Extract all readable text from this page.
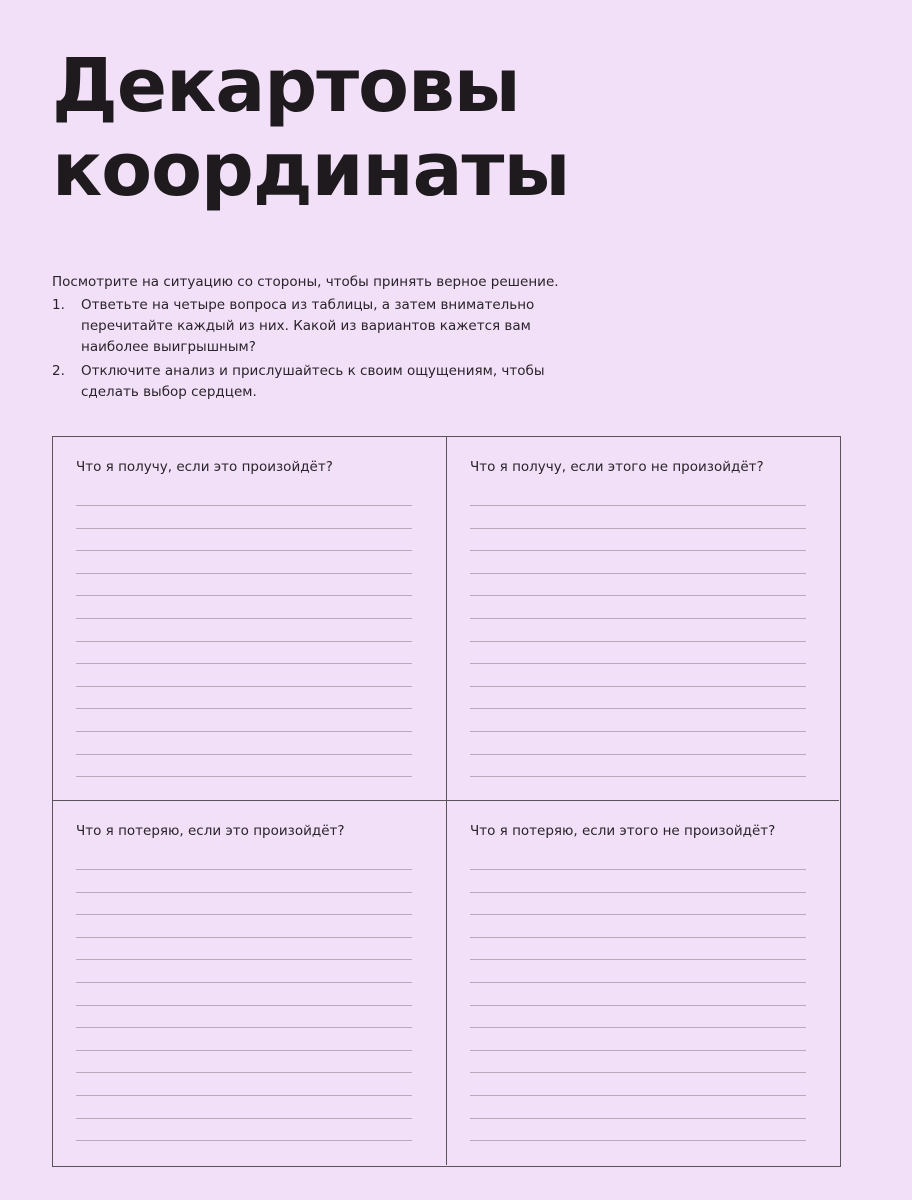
Декартовы
координаты

Посмотрите на ситуацию со стороны, чтобы принять верное решение.

1. Ответьте на четыре вопроса из таблицы, а затем внимательно перечитайте каждый из них. Какой из вариантов кажется вам наиболее выигрышным?
2. Отключите анализ и прислушайтесь к своим ощущениям, чтобы сделать выбор сердцем.
Что я получу, если это произойдёт?	Что я получу, если этого не произойдёт?
Что я потеряю, если это произойдёт?	Что я потеряю, если этого не произойдёт?
